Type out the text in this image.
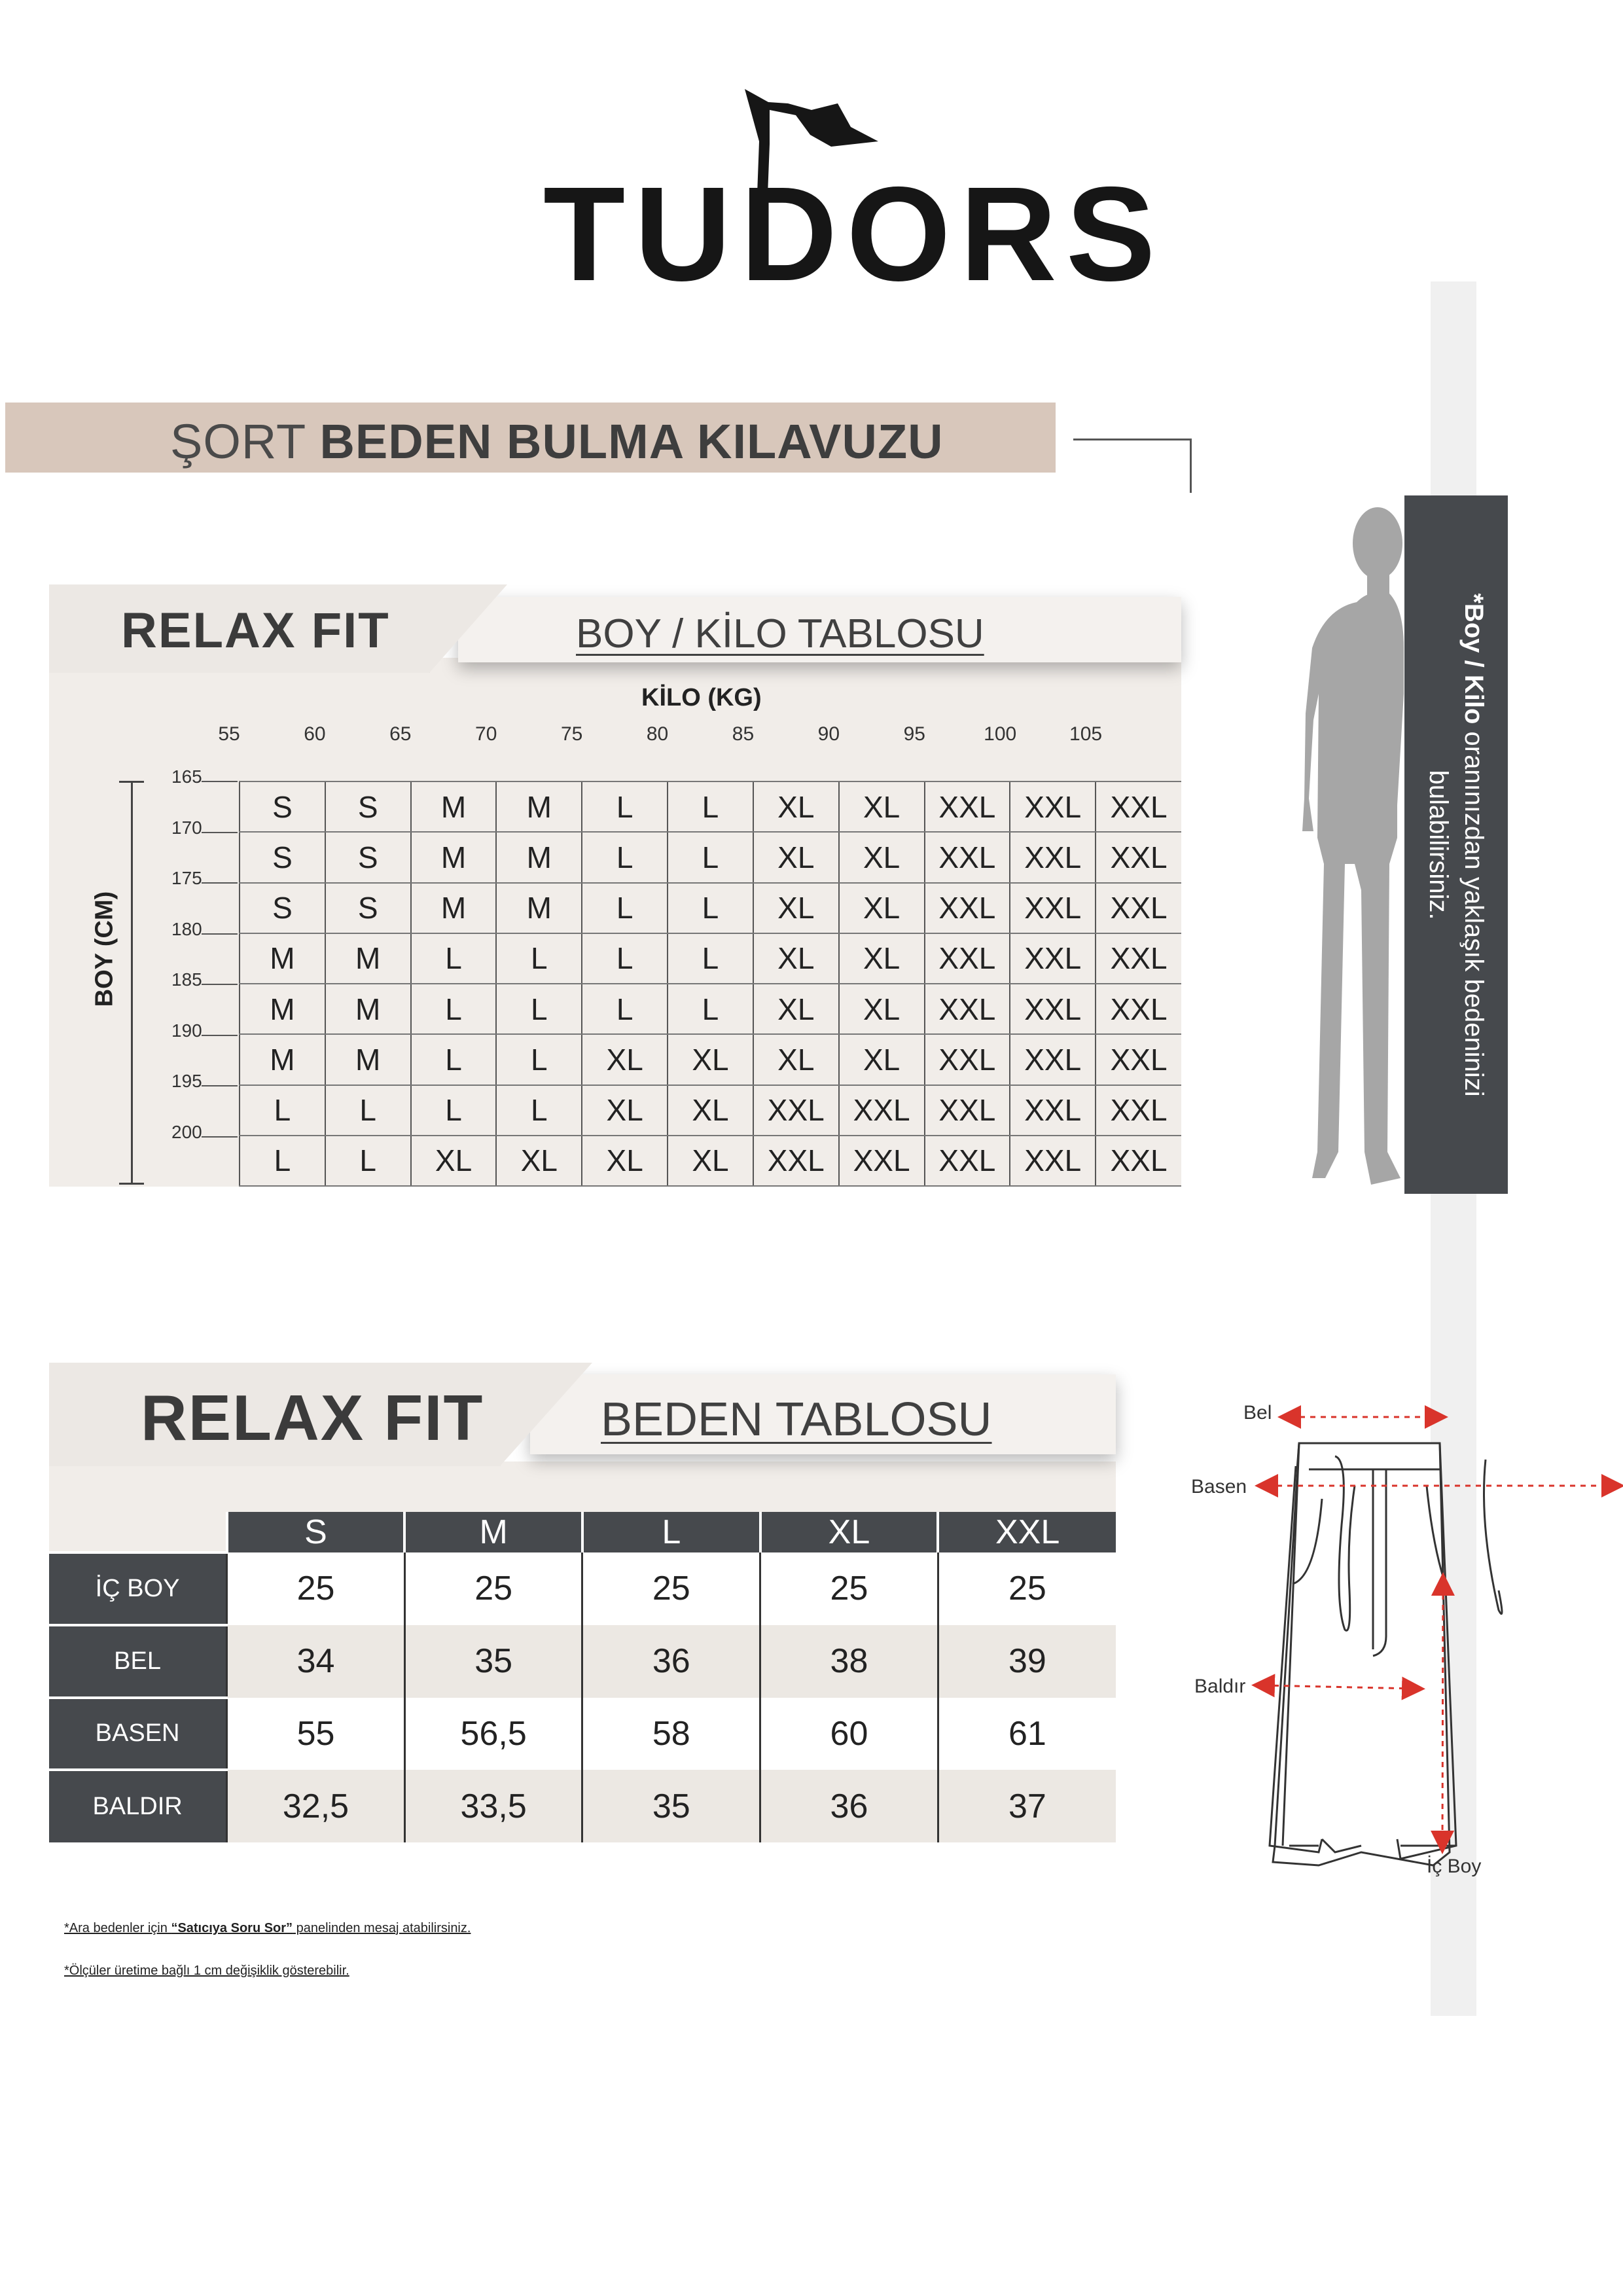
TUDORS
ŞORT BEDEN BULMA KILAVUZU
*Boy / Kilo oranınızdan yaklaşık bedeninizi bulabilirsiniz.
RELAX FIT	BOY / KİLO TABLOSU
KİLO (KG)
55	60	65	70	75	80	85	90	95	100	105
165
170
175
180
185
190
195
200
BOY (CM)
S	S	M	M	L	L	XL	XL	XXL	XXL	XXL
S	S	M	M	L	L	XL	XL	XXL	XXL	XXL
S	S	M	M	L	L	XL	XL	XXL	XXL	XXL
M	M	L	L	L	L	XL	XL	XXL	XXL	XXL
M	M	L	L	L	L	XL	XL	XXL	XXL	XXL
M	M	L	L	XL	XL	XL	XL	XXL	XXL	XXL
L	L	L	L	XL	XL	XXL	XXL	XXL	XXL	XXL
L	L	XL	XL	XL	XL	XXL	XXL	XXL	XXL	XXL
RELAX FIT BEDEN TABLOSU
	S	M	L	XL	XXL
İÇ BOY	25	25	25	25	25
BEL	34	35	36	38	39
BASEN	55	56,5	58	60	61
BALDIR	32,5	33,5	35	36	37
*Ara bedenler için “Satıcıya Soru Sor” panelinden mesaj atabilirsiniz.
*Ölçüler üretime bağlı 1 cm değişiklik gösterebilir.
Bel
Basen
Baldır
İç Boy
